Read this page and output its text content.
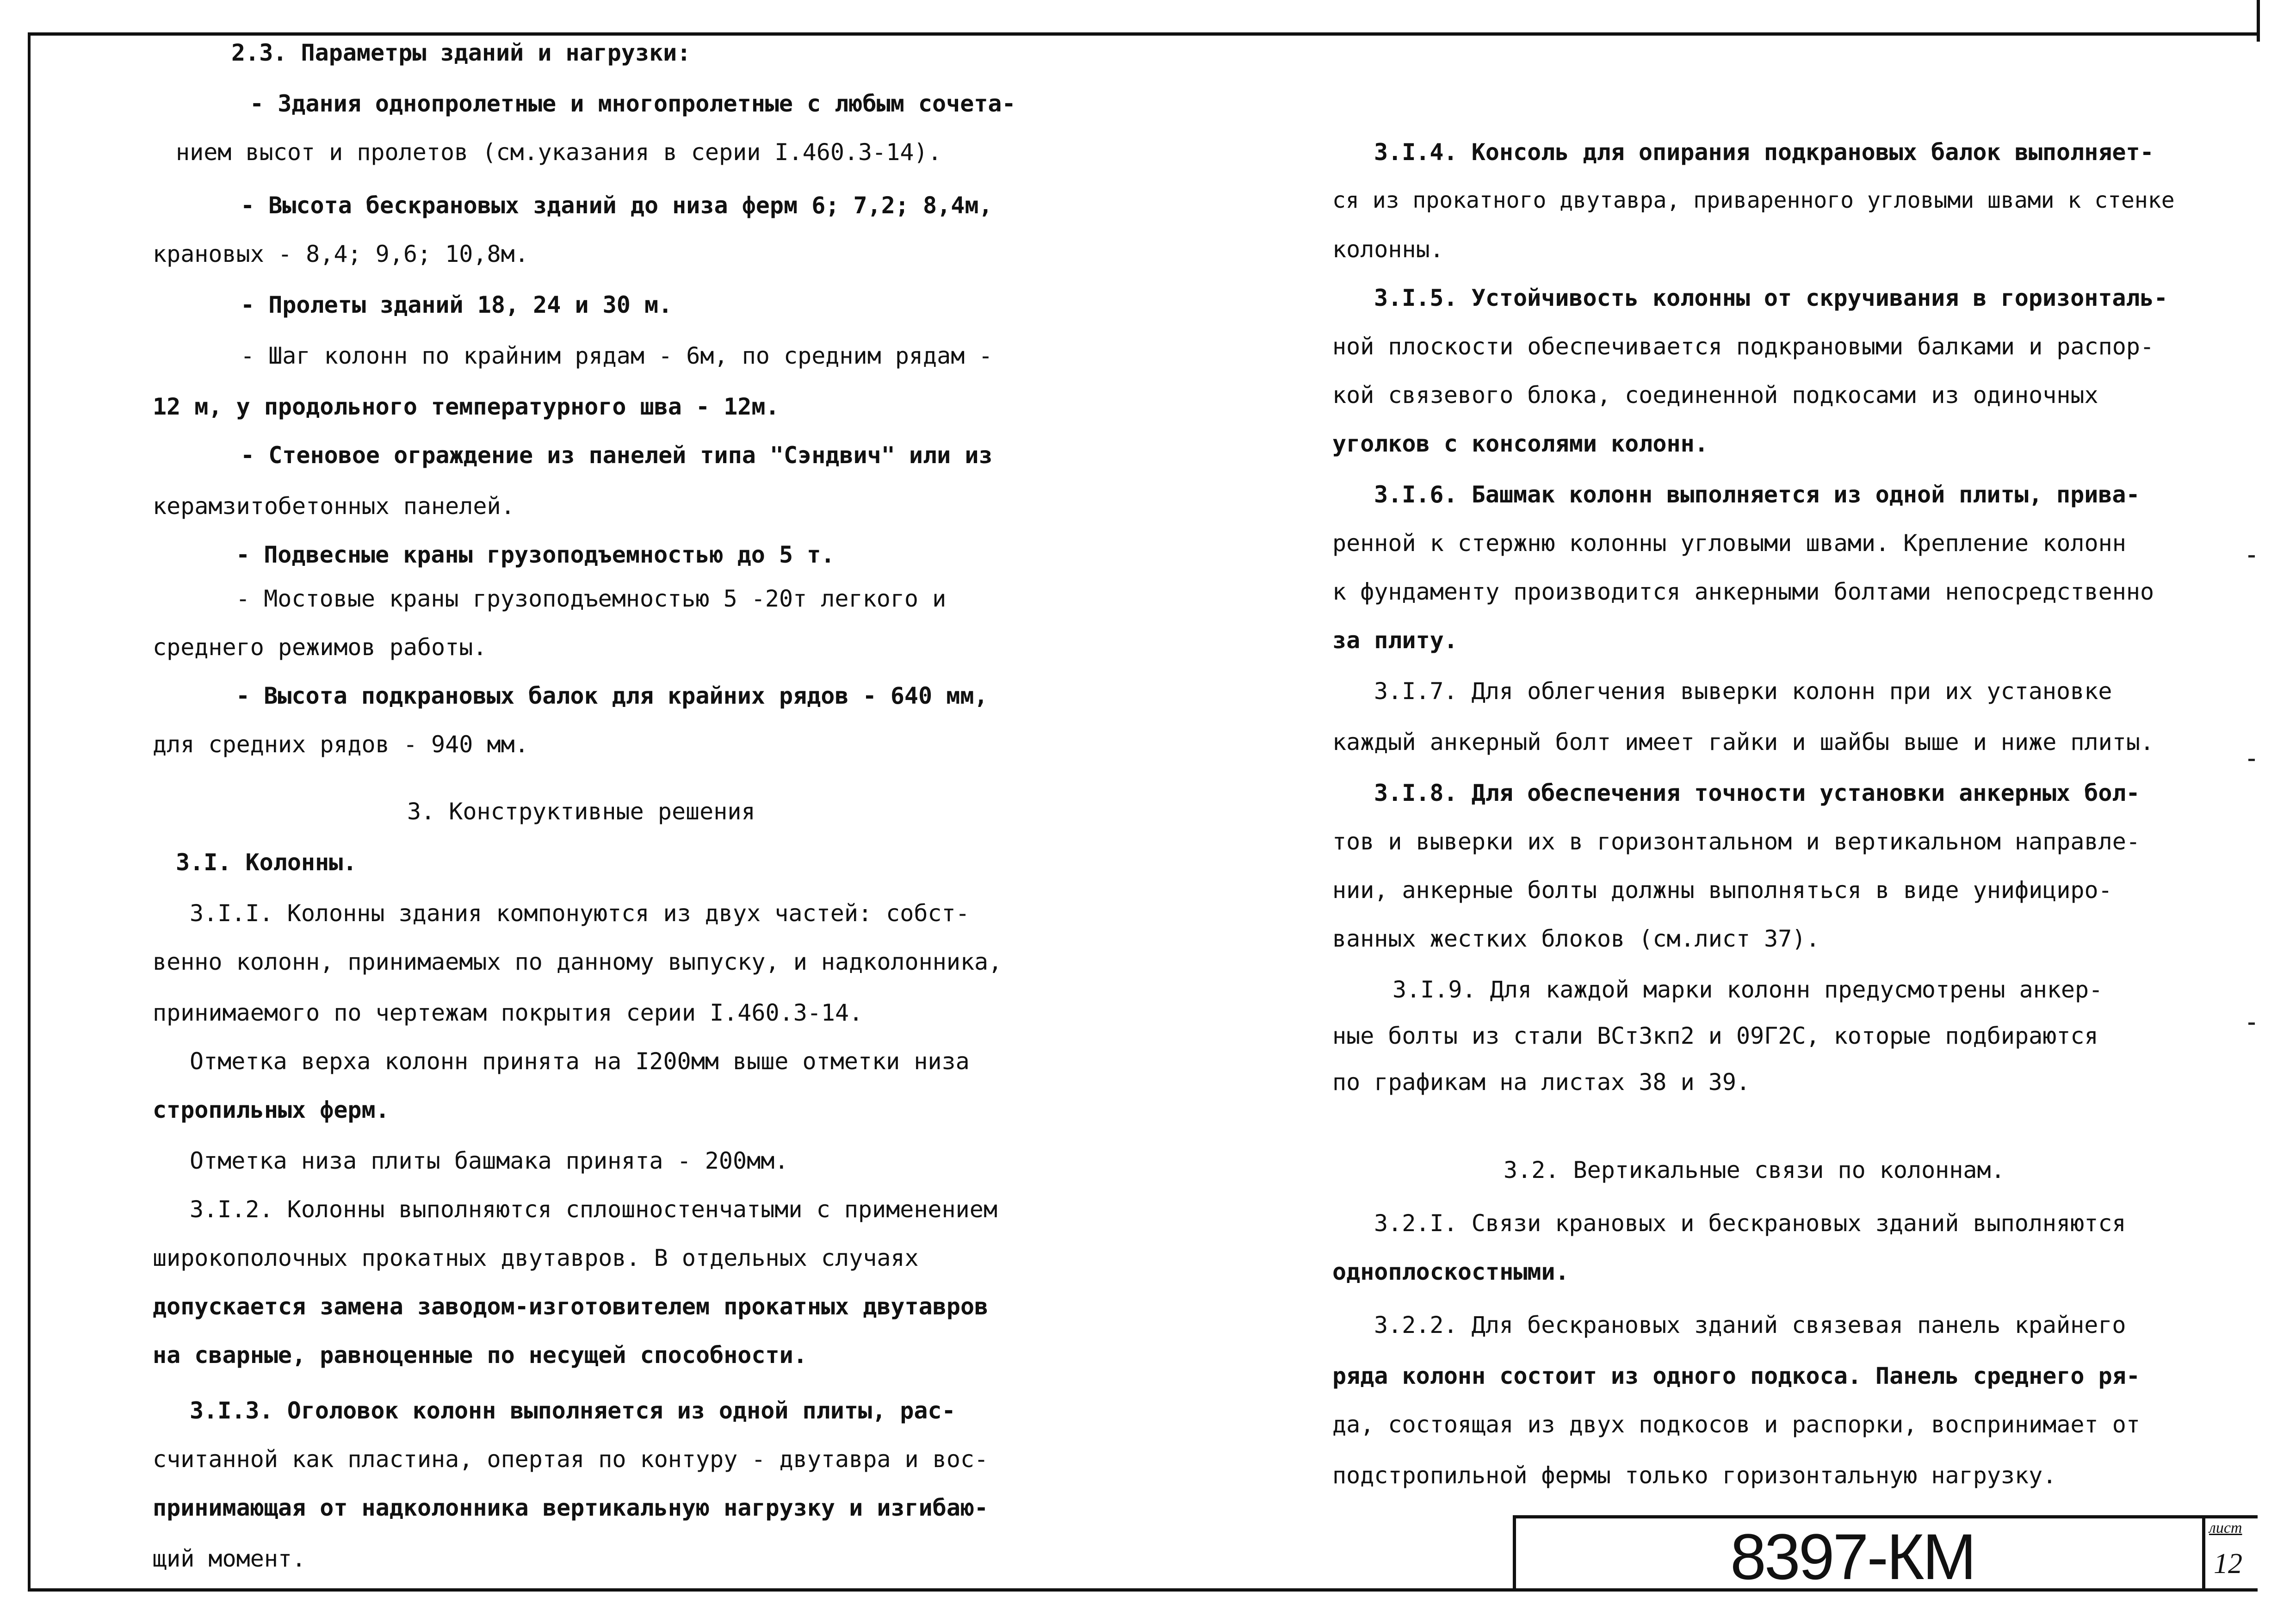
2.3. Параметры зданий и нагрузки:
- Здания однопролетные и многопролетные с любым сочета-
нием высот и пролетов (см.указания в серии I.460.3-14).
- Высота бескрановых зданий до низа ферм 6; 7,2; 8,4м,
крановых - 8,4; 9,6; 10,8м.
- Пролеты зданий 18, 24 и 30 м.
- Шаг колонн по крайним рядам - 6м, по средним рядам -
12 м, у продольного температурного шва - 12м.
- Стеновое ограждение из панелей типа "Сэндвич" или из
керамзитобетонных панелей.
- Подвесные краны грузоподъемностью до 5 т.
- Мостовые краны грузоподъемностью 5 -20т легкого и
среднего режимов работы.
- Высота подкрановых балок для крайних рядов - 640 мм,
для средних рядов - 940 мм.
3. Конструктивные решения
3.I. Колонны.
3.I.I. Колонны здания компонуются из двух частей: собст-
венно колонн, принимаемых по данному выпуску, и надколонника,
принимаемого по чертежам покрытия серии I.460.3-14.
Отметка верха колонн принята на I200мм выше отметки низа
стропильных ферм.
Отметка низа плиты башмака принята - 200мм.
3.I.2. Колонны выполняются сплошностенчатыми с применением
широкополочных прокатных двутавров. В отдельных случаях
допускается замена заводом-изготовителем прокатных двутавров
на сварные, равноценные по несущей способности.
3.I.3. Оголовок колонн выполняется из одной плиты, рас-
считанной как пластина, опертая по контуру - двутавра и вос-
принимающая от надколонника вертикальную нагрузку и изгибаю-
щий момент.
3.I.4. Консоль для опирания подкрановых балок выполняет-
ся из прокатного двутавра, приваренного угловыми швами к стенке
колонны.
3.I.5. Устойчивость колонны от скручивания в горизонталь-
ной плоскости обеспечивается подкрановыми балками и распор-
кой связевого блока, соединенной подкосами из одиночных
уголков с консолями колонн.
3.I.6. Башмак колонн выполняется из одной плиты, прива-
ренной к стержню колонны угловыми швами. Крепление колонн
к фундаменту производится анкерными болтами непосредственно
за плиту.
3.I.7. Для облегчения выверки колонн при их установке
каждый анкерный болт имеет гайки и шайбы выше и ниже плиты.
3.I.8. Для обеспечения точности установки анкерных бол-
тов и выверки их в горизонтальном и вертикальном направле-
нии, анкерные болты должны выполняться в виде унифициро-
ванных жестких блоков (см.лист 37).
3.I.9. Для каждой марки колонн предусмотрены анкер-
ные болты из стали ВСт3кп2 и 09Г2С, которые подбираются
по графикам на листах 38 и 39.
3.2. Вертикальные связи по колоннам.
3.2.I. Связи крановых и бескрановых зданий выполняются
одноплоскостными.
3.2.2. Для бескрановых зданий связевая панель крайнего
ряда колонн состоит из одного подкоса. Панель среднего ря-
да, состоящая из двух подкосов и распорки, воспринимает от
подстропильной фермы только горизонтальную нагрузку.
8397-КМ	лист
12
